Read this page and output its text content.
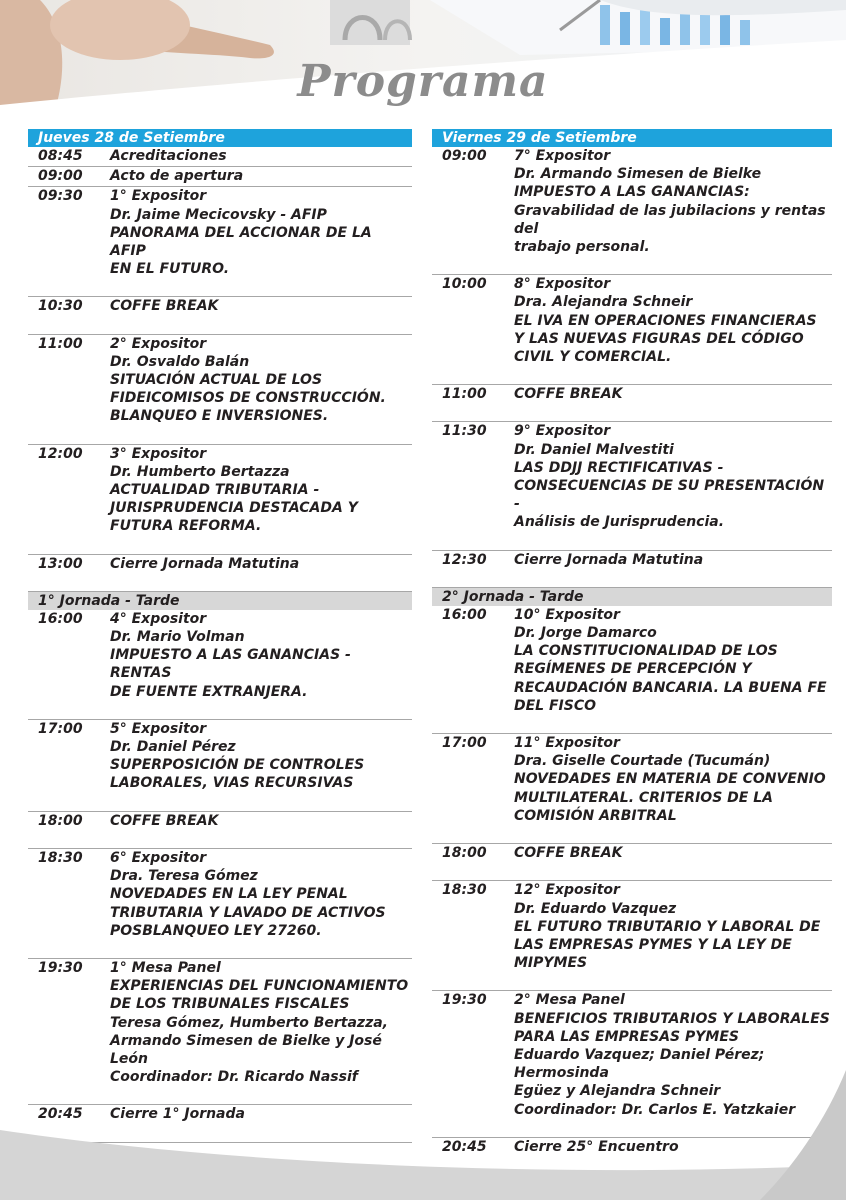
Programa
Jueves 28 de Setiembre
08:45	Acreditaciones
09:00	Acto de apertura
09:30	1° Expositor
Dr. Jaime Mecicovsky - AFIP
PANORAMA DEL ACCIONAR DE LA AFIP
EN EL FUTURO.
10:30	COFFE BREAK
11:00	2° Expositor
Dr. Osvaldo Balán
SITUACIÓN ACTUAL DE LOS
FIDEICOMISOS DE CONSTRUCCIÓN.
BLANQUEO E INVERSIONES.
12:00	3° Expositor
Dr. Humberto Bertazza
ACTUALIDAD TRIBUTARIA -
JURISPRUDENCIA DESTACADA Y
FUTURA REFORMA.
13:00	Cierre Jornada Matutina
1° Jornada - Tarde
16:00	4° Expositor
Dr. Mario Volman
IMPUESTO A LAS GANANCIAS - RENTAS
DE FUENTE EXTRANJERA.
17:00	5° Expositor
Dr. Daniel Pérez
SUPERPOSICIÓN DE CONTROLES
LABORALES, VIAS RECURSIVAS
18:00	COFFE BREAK
18:30	6° Expositor
Dra. Teresa Gómez
NOVEDADES EN LA LEY PENAL
TRIBUTARIA Y LAVADO DE ACTIVOS
POSBLANQUEO LEY 27260.
19:30	1° Mesa Panel
EXPERIENCIAS DEL FUNCIONAMIENTO
DE LOS TRIBUNALES FISCALES
Teresa Gómez, Humberto Bertazza,
Armando Simesen de Bielke y José León
Coordinador: Dr. Ricardo Nassif
20:45	Cierre 1° Jornada
Viernes 29 de Setiembre
09:00	7° Expositor
Dr. Armando Simesen de Bielke
IMPUESTO A LAS GANANCIAS:
Gravabilidad de las jubilacions y rentas del
trabajo personal.
10:00	8° Expositor
Dra. Alejandra Schneir
EL IVA EN OPERACIONES FINANCIERAS
Y LAS NUEVAS FIGURAS DEL CÓDIGO
CIVIL Y COMERCIAL.
11:00	COFFE BREAK
11:30	9° Expositor
Dr. Daniel Malvestiti
LAS DDJJ RECTIFICATIVAS -
CONSECUENCIAS DE SU PRESENTACIÓN -
Análisis de Jurisprudencia.
12:30	Cierre Jornada Matutina
2° Jornada - Tarde
16:00	10° Expositor
Dr. Jorge Damarco
LA CONSTITUCIONALIDAD DE LOS
REGÍMENES DE PERCEPCIÓN Y
RECAUDACIÓN BANCARIA. LA BUENA FE
DEL FISCO
17:00	11° Expositor
Dra. Giselle Courtade (Tucumán)
NOVEDADES EN MATERIA DE CONVENIO
MULTILATERAL. CRITERIOS DE LA
COMISIÓN ARBITRAL
18:00	COFFE BREAK
18:30	12° Expositor
Dr. Eduardo Vazquez
EL FUTURO TRIBUTARIO Y LABORAL DE
LAS EMPRESAS PYMES Y LA LEY DE
MIPYMES
19:30	2° Mesa Panel
BENEFICIOS TRIBUTARIOS Y LABORALES
PARA LAS EMPRESAS PYMES
Eduardo Vazquez; Daniel Pérez; Hermosinda
Egüez y Alejandra Schneir
Coordinador: Dr. Carlos E. Yatzkaier
20:45	Cierre 25° Encuentro
